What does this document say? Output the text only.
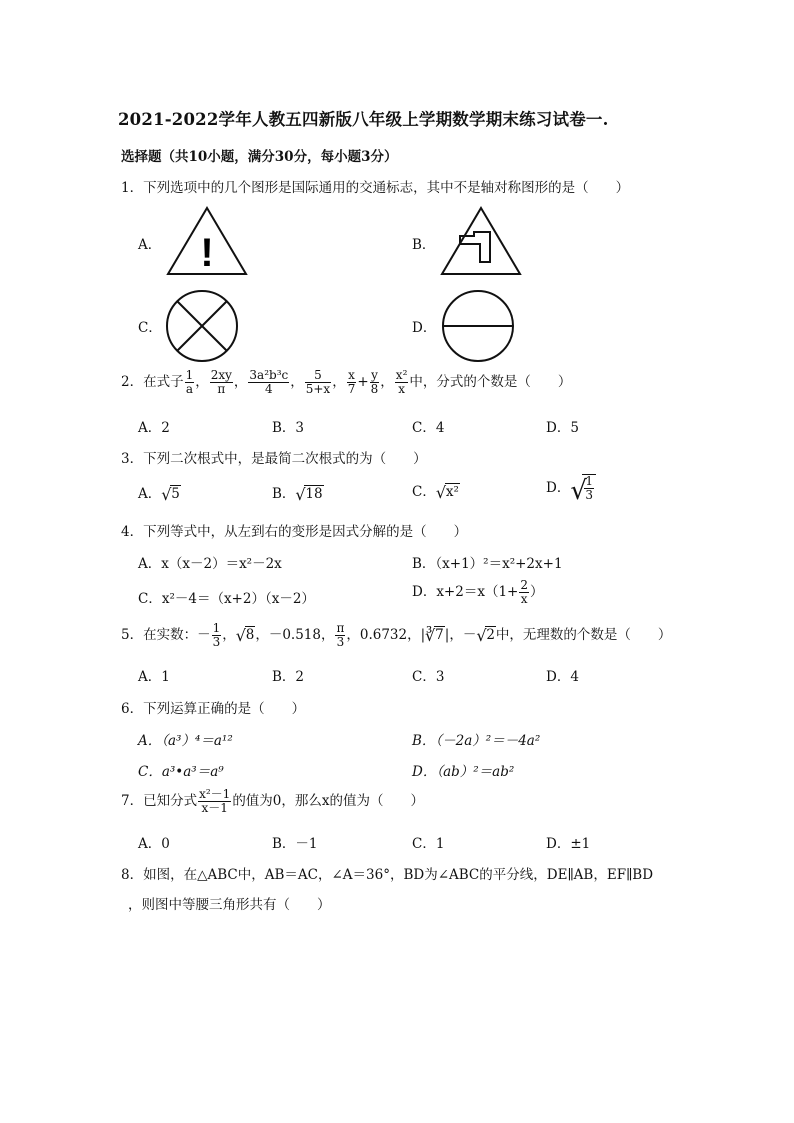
2021-2022学年人教五四新版八年级上学期数学期末练习试卷一.
选择题（共10小题，满分30分，每小题3分）
1．下列选项中的几个图形是国际通用的交通标志，其中不是轴对称图形的是（　　）
A．	B．
C．	D．
!
2．在式子 $\frac{1}{a}$ ， $\frac{2xy}{\pi}$ ， $\frac{\text{3a²b³c}}{4}$ ， $\frac{5}{5+x}$ ， $\frac{x}{7} + \frac{y}{8}$ ， $\frac{\text{x²}}{x}$ 中，分式的个数是（　　）
A．2	B．3	C．4	D．5
3．下列二次根式中，是最简二次根式的为（　　）
A． √ 5	B． √ 18	C． √ x²	D． √
$\frac{1}{3}$
4．下列等式中，从左到右的变形是因式分解的是（　　）
A．x（x－2）＝x²－2x	B．（x+1）²＝x²+2x+1
C．x²－4＝（x+2）（x－2）	D．$x+2=x(1+ \frac{2}{x}$ ）
5．在实数：－ $\frac{1}{3}$ ， √ 8，－0.518， $\frac{\pi}{3}$ ，0.6732，| ∛ 7|，－ √ 2中，无理数的个数是（　　）
A．1	B．2	C．3	D．4
6．下列运算正确的是（　　）
A．（a³）⁴＝a¹²	B．（－2a）²＝－4a²
C．a³•a³＝a⁹	D．（ab）²＝ab²
7．已知分式 $\frac{\text{x²－1}}{x-1}$ 的值为0，那么x的值为（　　）
A．0	B．－1	C．1	D．±1
8．如图，在△ABC中，AB＝AC，∠A＝36°，BD为∠ABC的平分线，DE∥AB，EF∥BD
，则图中等腰三角形共有（　　）
